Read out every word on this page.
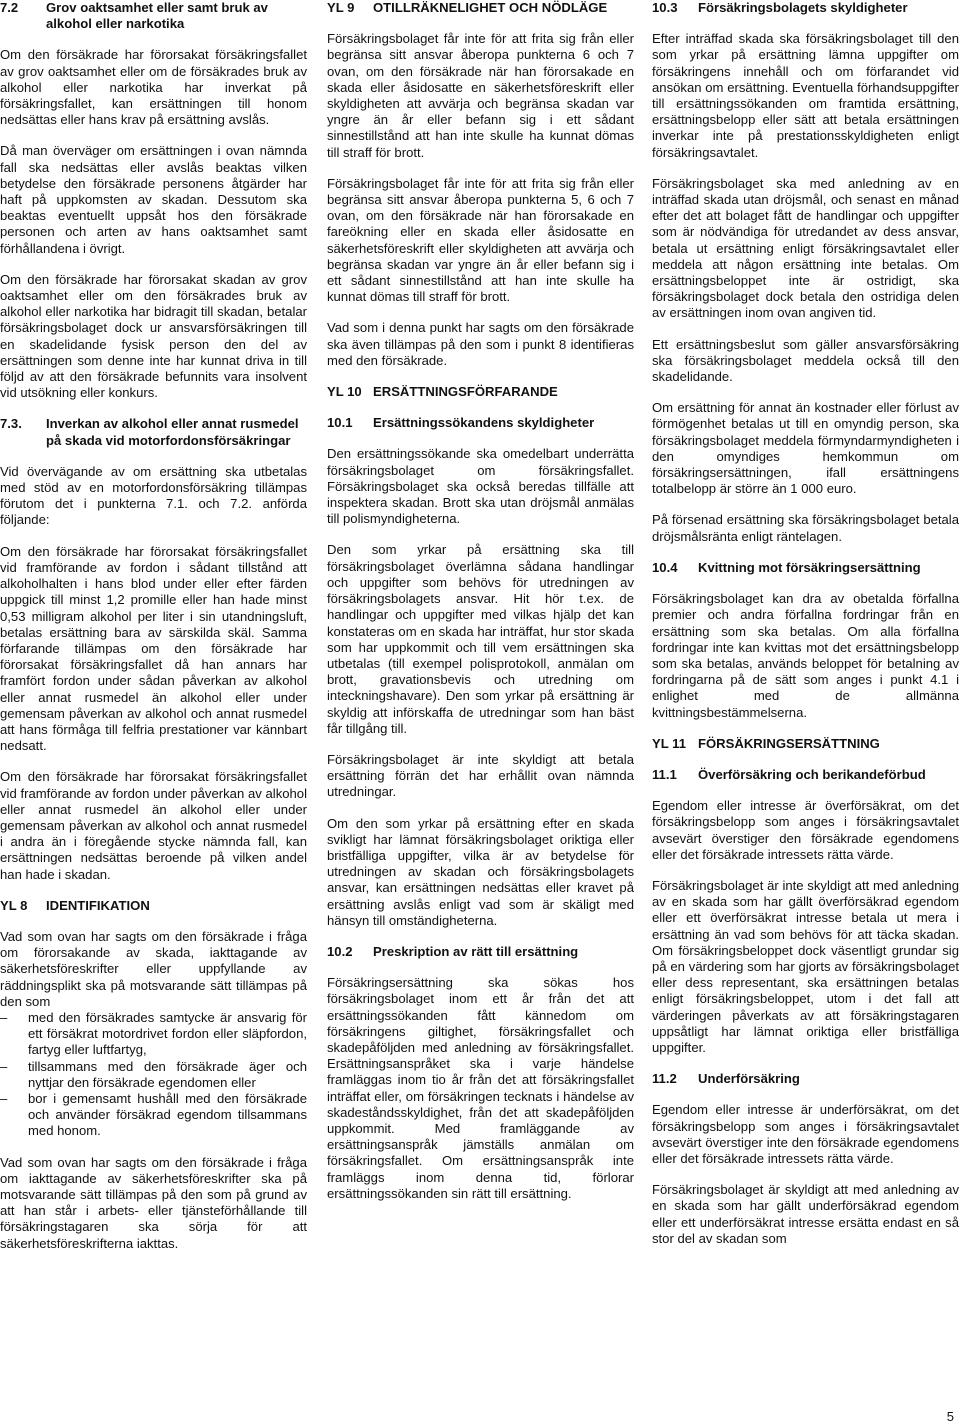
7.2	Grov oaktsamhet eller samt bruk av alkohol eller narkotika

Om den försäkrade har förorsakat försäkringsfallet av grov oaktsamhet eller om de försäkrades bruk av alkohol eller narkotika har inverkat på försäkringsfallet, kan ersättningen till honom nedsättas eller hans krav på ersättning avslås.

Då man överväger om ersättningen i ovan nämnda fall ska nedsättas eller avslås beaktas vilken betydelse den försäkrade personens åtgärder har haft på uppkomsten av skadan. Dessutom ska beaktas eventuellt uppsåt hos den försäkrade personen och arten av hans oaktsamhet samt förhållandena i övrigt.

Om den försäkrade har förorsakat skadan av grov oaktsamhet eller om den försäkrades bruk av alkohol eller narkotika har bidragit till skadan, betalar försäkringsbolaget dock ur ansvarsförsäkringen till en skadelidande fysisk person den del av ersättningen som denne inte har kunnat driva in till följd av att den försäkrade befunnits vara insolvent vid utsökning eller konkurs.

7.3.	Inverkan av alkohol eller annat rusmedel på skada vid motorfordonsförsäkringar

Vid övervägande av om ersättning ska utbetalas med stöd av en motorfordonsförsäkring tillämpas förutom det i punkterna 7.1. och 7.2. anförda följande:

Om den försäkrade har förorsakat försäkringsfallet vid framförande av fordon i sådant tillstånd att alkoholhalten i hans blod under eller efter färden uppgick till minst 1,2 promille eller han hade minst 0,53 milligram alkohol per liter i sin utandningsluft, betalas ersättning bara av särskilda skäl. Samma förfarande tillämpas om den försäkrade har förorsakat försäkringsfallet då han annars har framfört fordon under sådan påverkan av alkohol eller annat rusmedel än alkohol eller under gemensam påverkan av alkohol och annat rusmedel att hans förmåga till felfria prestationer var kännbart nedsatt.

Om den försäkrade har förorsakat försäkringsfallet vid framförande av fordon under påverkan av alkohol eller annat rusmedel än alkohol eller under gemensam påverkan av alkohol och annat rusmedel i andra än i föregående stycke nämnda fall, kan ersättningen nedsättas beroende på vilken andel han hade i skadan.

YL 8	IDENTIFIKATION

Vad som ovan har sagts om den försäkrade i fråga om förorsakande av skada, iakttagande av säkerhetsföreskrifter eller uppfyllande av räddningsplikt ska på motsvarande sätt tillämpas på den som

– med den försäkrades samtycke är ansvarig för ett försäkrat motordrivet fordon eller släpfordon, fartyg eller luftfartyg,
– tillsammans med den försäkrade äger och nyttjar den försäkrade egendomen eller
– bor i gemensamt hushåll med den försäkrade och använder försäkrad egendom tillsammans med honom.

Vad som ovan har sagts om den försäkrade i fråga om iakttagande av säkerhetsföreskrifter ska på motsvarande sätt tillämpas på den som på grund av att han står i arbets- eller tjänsteförhållande till försäkringstagaren ska sörja för att säkerhetsföreskrifterna iakttas.

YL 9	OTILLRÄKNELIGHET OCH NÖDLÄGE

Försäkringsbolaget får inte för att frita sig från eller begränsa sitt ansvar åberopa punkterna 6 och 7 ovan, om den försäkrade när han förorsakade en skada eller åsidosatte en säkerhetsföreskrift eller skyldigheten att avvärja och begränsa skadan var yngre än år eller befann sig i ett sådant sinnestillstånd att han inte skulle ha kunnat dömas till straff för brott.

Försäkringsbolaget får inte för att frita sig från eller begränsa sitt ansvar åberopa punkterna 5, 6 och 7 ovan, om den försäkrade när han förorsakade en fareökning eller en skada eller åsidosatte en säkerhetsföreskrift eller skyldigheten att avvärja och begränsa skadan var yngre än år eller befann sig i ett sådant sinnestillstånd att han inte skulle ha kunnat dömas till straff för brott.

Vad som i denna punkt har sagts om den försäkrade ska även tillämpas på den som i punkt 8 identifieras med den försäkrade.

YL 10 ERSÄTTNINGSFÖRFARANDE
10.1	Ersättningssökandens skyldigheter

Den ersättningssökande ska omedelbart underrätta försäkringsbolaget om försäkringsfallet. Försäkringsbolaget ska också beredas tillfälle att inspektera skadan. Brott ska utan dröjsmål anmälas till polismyndigheterna.

Den som yrkar på ersättning ska till försäkringsbolaget överlämna sådana handlingar och uppgifter som behövs för utredningen av försäkringsbolagets ansvar. Hit hör t.ex. de handlingar och uppgifter med vilkas hjälp det kan konstateras om en skada har inträffat, hur stor skada som har uppkommit och till vem ersättningen ska utbetalas (till exempel polisprotokoll, anmälan om brott, gravationsbevis och utredning om inteckningshavare). Den som yrkar på ersättning är skyldig att införskaffa de utredningar som han bäst får tillgång till.

Försäkringsbolaget är inte skyldigt att betala ersättning förrän det har erhållit ovan nämnda utredningar.

Om den som yrkar på ersättning efter en skada svikligt har lämnat försäkringsbolaget oriktiga eller bristfälliga uppgifter, vilka är av betydelse för utredningen av skadan och försäkringsbolagets ansvar, kan ersättningen nedsättas eller kravet på ersättning avslås enligt vad som är skäligt med hänsyn till omständigheterna.

10.2	Preskription av rätt till ersättning

Försäkringsersättning ska sökas hos försäkringsbolaget inom ett år från det att ersättningssökanden fått kännedom om försäkringens giltighet, försäkringsfallet och skadepåföljden med anledning av försäkringsfallet. Ersättningsanspråket ska i varje händelse framläggas inom tio år från det att försäkringsfallet inträffat eller, om försäkringen tecknats i händelse av skadeståndsskyldighet, från det att skadepåföljden uppkommit. Med framläggande av ersättningsanspråk jämställs anmälan om försäkringsfallet. Om ersättningsanspråk inte framläggs inom denna tid, förlorar ersättningssökanden sin rätt till ersättning.

10.3	Försäkringsbolagets skyldigheter

Efter inträffad skada ska försäkringsbolaget till den som yrkar på ersättning lämna uppgifter om försäkringens innehåll och om förfarandet vid ansökan om ersättning. Eventuella förhandsuppgifter till ersättningssökanden om framtida ersättning, ersättningsbelopp eller sätt att betala ersättningen inverkar inte på prestationsskyldigheten enligt försäkringsavtalet.

Försäkringsbolaget ska med anledning av en inträffad skada utan dröjsmål, och senast en månad efter det att bolaget fått de handlingar och uppgifter som är nödvändiga för utredandet av dess ansvar, betala ut ersättning enligt försäkringsavtalet eller meddela att någon ersättning inte betalas. Om ersättningsbeloppet inte är ostridigt, ska försäkringsbolaget dock betala den ostridiga delen av ersättningen inom ovan angiven tid.

Ett ersättningsbeslut som gäller ansvarsförsäkring ska försäkringsbolaget meddela också till den skadelidande.

Om ersättning för annat än kostnader eller förlust av förmögenhet betalas ut till en omyndig person, ska försäkringsbolaget meddela förmyndarmyndigheten i den omyndiges hemkommun om försäkringsersättningen, ifall ersättningens totalbelopp är större än 1 000 euro.

På försenad ersättning ska försäkringsbolaget betala dröjsmålsränta enligt räntelagen.

10.4	Kvittning mot försäkringsersättning

Försäkringsbolaget kan dra av obetalda förfallna premier och andra förfallna fordringar från en ersättning som ska betalas. Om alla förfallna fordringar inte kan kvittas mot det ersättningsbelopp som ska betalas, används beloppet för betalning av fordringarna på de sätt som anges i punkt 4.1 i enlighet med de allmänna kvittningsbestämmelserna.

YL 11 FÖRSÄKRINGSERSÄTTNING
11.1	Överförsäkring och berikandeförbud

Egendom eller intresse är överförsäkrat, om det försäkringsbelopp som anges i försäkringsavtalet avsevärt överstiger den försäkrade egendomens eller det försäkrade intressets rätta värde.

Försäkringsbolaget är inte skyldigt att med anledning av en skada som har gällt överförsäkrad egendom eller ett överförsäkrat intresse betala ut mera i ersättning än vad som behövs för att täcka skadan. Om försäkringsbeloppet dock väsentligt grundar sig på en värdering som har gjorts av försäkringsbolaget eller dess representant, ska ersättningen betalas enligt försäkringsbeloppet, utom i det fall att värderingen påverkats av att försäkringstagaren uppsåtligt har lämnat oriktiga eller bristfälliga uppgifter.

11.2	Underförsäkring

Egendom eller intresse är underförsäkrat, om det försäkringsbelopp som anges i försäkringsavtalet avsevärt överstiger inte den försäkrade egendomens eller det försäkrade intressets rätta värde.

Försäkringsbolaget är skyldigt att med anledning av en skada som har gällt underförsäkrad egendom eller ett underförsäkrat intresse ersätta endast en så stor del av skadan som

5
